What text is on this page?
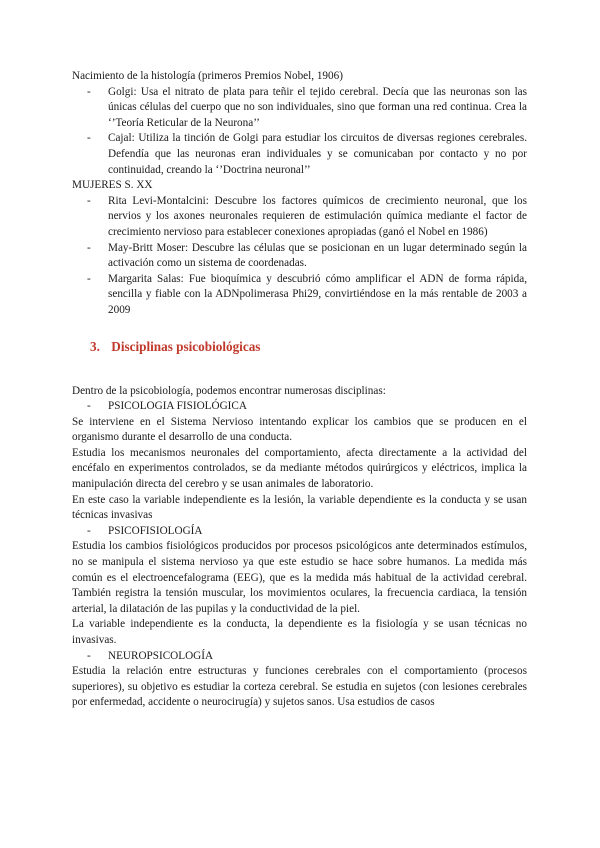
Nacimiento de la histología (primeros Premios Nobel, 1906)

- Golgi: Usa el nitrato de plata para teñir el tejido cerebral. Decía que las neuronas son las únicas células del cuerpo que no son individuales, sino que forman una red continua. Crea la ‘’Teoría Reticular de la Neurona’’
- Cajal: Utiliza la tinción de Golgi para estudiar los circuitos de diversas regiones cerebrales. Defendía que las neuronas eran individuales y se comunicaban por contacto y no por continuidad, creando la ‘’Doctrina neuronal’’

MUJERES S. XX

- Rita Levi-Montalcini: Descubre los factores químicos de crecimiento neuronal, que los nervios y los axones neuronales requieren de estimulación química mediante el factor de crecimiento nervioso para establecer conexiones apropiadas (ganó el Nobel en 1986)
- May-Britt Moser: Descubre las células que se posicionan en un lugar determinado según la activación como un sistema de coordenadas.
- Margarita Salas: Fue bioquímica y descubrió cómo amplificar el ADN de forma rápida, sencilla y fiable con la ADNpolimerasa Phi29, convirtiéndose en la más rentable de 2003 a 2009
3. Disciplinas psicobiológicas

Dentro de la psicobiología, podemos encontrar numerosas disciplinas:

- PSICOLOGIA FISIOLÓGICA

Se interviene en el Sistema Nervioso intentando explicar los cambios que se producen en el organismo durante el desarrollo de una conducta.

Estudia los mecanismos neuronales del comportamiento, afecta directamente a la actividad del encéfalo en experimentos controlados, se da mediante métodos quirúrgicos y eléctricos, implica la manipulación directa del cerebro y se usan animales de laboratorio.

En este caso la variable independiente es la lesión, la variable dependiente es la conducta y se usan técnicas invasivas

- PSICOFISIOLOGÍA

Estudia los cambios fisiológicos producidos por procesos psicológicos ante determinados estímulos, no se manipula el sistema nervioso ya que este estudio se hace sobre humanos. La medida más común es el electroencefalograma (EEG), que es la medida más habitual de la actividad cerebral. También registra la tensión muscular, los movimientos oculares, la frecuencia cardiaca, la tensión arterial, la dilatación de las pupilas y la conductividad de la piel.

La variable independiente es la conducta, la dependiente es la fisiología y se usan técnicas no invasivas.

- NEUROPSICOLOGÍA

Estudia la relación entre estructuras y funciones cerebrales con el comportamiento (procesos superiores), su objetivo es estudiar la corteza cerebral. Se estudia en sujetos (con lesiones cerebrales por enfermedad, accidente o neurocirugía) y sujetos sanos. Usa estudios de casos
